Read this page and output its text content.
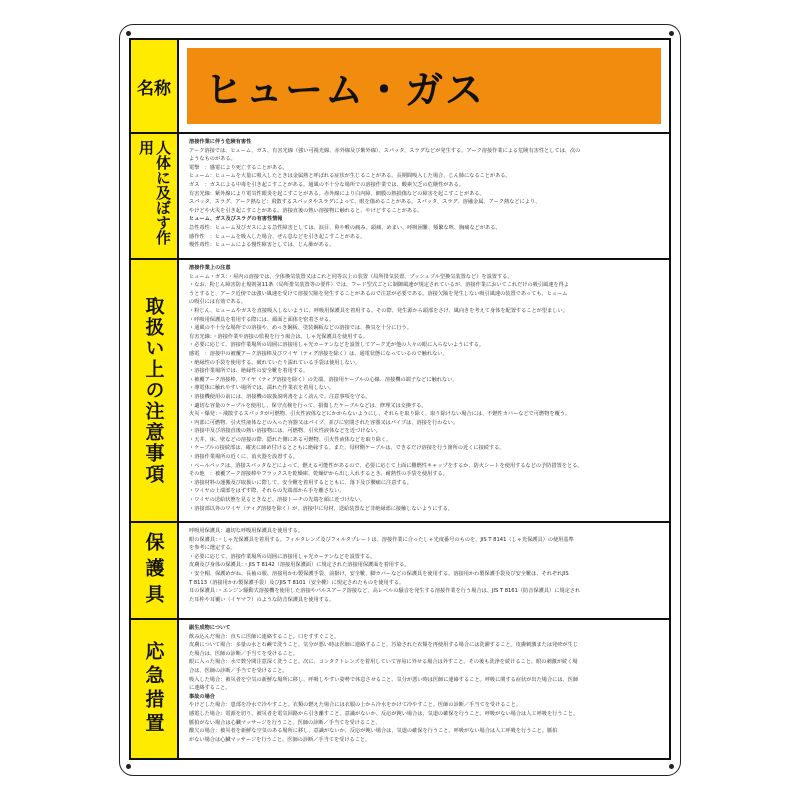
名称 ヒューム・ガス
人体に及ぼす作用	溶接作業に伴う危険有害性
アーク溶接では、ヒューム、ガス、有害光線（強い可視光線、赤外線及び紫外線）、スパッタ、スラグなどが発生する。アーク溶接作業による危険有害性としては、次の
ようなものがある。
電撃　：感電により死亡することがある。
ヒューム：ヒュームを大量に吸入したときは金属熱と呼ばれる症状が生じることがある。長期間吸入した場合、じん肺になることがある。
ガス　：ガスによる中毒を引き起こすことがある。通風の不十分な場所での溶接作業では、酸素欠乏の危険性がある。
有害光線：紫外線により電気性眼炎を起こすことがある。赤外線により白内障、網膜の熱損傷などの障害を起こすことがある。
スパッタ、スラグ、アーク熱など：飛散するスパッタやスラグによって、眼を傷めることがある。スパッタ、スラグ、溶融金属、アーク熱などにより、
やけどや火災を引き起こすことがある。溶接直後の熱い溶接物に触れると、やけどすることがある。
ヒューム、ガス及びスラグの有害性情報
急性毒性：ヒューム及びガスによる急性障害としては、涙目、鼻や喉の痛み、頭痛、めまい、呼吸困難、頻繁な咳、胸痛などがある。
感作性　：ヒュームを吸入した場合、ぜん息などを引き起こすことがある。
慢性毒性：ヒュームによる慢性障害としては、じん肺がある。
取扱い上の注意事項
溶接作業上の注意
ヒューム・ガス：・屋内の溶接では、全体換気装置又はこれと同等以上の装置（局所排気装置、プッシュプル型換気装置など）を設置する。
・なお、粉じん障害防止規則第11条（局所排気装置等の要件）では、フード型式ごとに制御風速が規定されているが、溶接作業においてこれだけの吸引風速を得よ
うとすると、アーク近傍では強い風速を受けて溶接欠陥を発生することがあるので注意が必要である。溶接欠陥を発生しない吸引風速の装置であっても、ヒューム
の吸引には有効である。
・粉じん、ヒュームやガスを直接吸入しないように、呼吸用保護具を着用する。その際、発生源から頭部をさけ、風向きを考えて身体を配置することが望ましい。
・呼吸用保護具を着用する際には、顔面と面体を密着させる。
・通風の不十分な場所での溶接や、めっき鋼板、塗装鋼板などの溶接では、換気を十分に行う。
有害光線：・溶接作業や溶接の監視を行う場合は、しゃ光保護具を使用する。
・必要に応じて、溶接作業場所の周囲に溶接用しゃ光カーテンなどを設置してアーク光が他の人々の眼に入らないようにする。
感電　：溶接中の被覆アーク溶接棒及びワイヤ（ティグ溶接を除く）は、通電状態になっているので触れない。
・絶縁性の手袋を使用する。破れていたり濡れている手袋は使用しない。
・溶接作業場所では、絶縁性の安全靴を着用する。
・被覆アーク溶接棒、ワイヤ（ティグ溶接を除く）の先端、溶接用ケーブルの心線、溶接機の端子などに触れない。
・導電体に触れやすい場所では、濡れた作業衣を着用しない。
・溶接機使用の前には、溶接機の取扱説明書をよく読んで、注意事項を守る。
・適切な容量のケーブルを使用し、保守点検を行って、損傷したケーブルなどは、修理又は交換する。
火災・爆発：・飛散するスパッタが可燃物、引火性液体などにかからないようにし、それらを取り除く、取り除けない場合には、不燃性カバーなどで可燃物を覆う。
・内部に可燃物、引火性液体などの入った容器又はパイプ、並びに密閉された容器又はパイプは、溶接を行わない。
・溶接中及び溶接直後の熱い溶接物には、可燃物、引火性液体などを近づけない。
・天井、床、壁などの溶接の際、隠れた側にある可燃物、引火性液体などを取り除く。
・ケーブルの接続部は、確実に締め付けるとともに絶縁する。また、母材側ケーブルは、できるだけ溶接を行う箇所の近くに接続する。
・溶接作業場所の近くに、消火器を設置する。
・ペールパックは、溶接スパッタなどによって、燃える可能性があるので、必要に応じて上面に難燃性キャップをするか、防火シートを使用するなどの予防措置をとる。
その他　：被覆アーク溶接棒やフラックスを乾燥庫、乾燥炉から出し入れするとき、耐熱性の手袋を使用する。
・溶接材料の運搬及び取扱いに際して、安全靴を着用するとともに、落下及び腰痛に注意する。
・ワイヤの上端部をはずす際、それらの先端部から手を離さない。
・ワイヤの送給状態を見るときなど、溶接トーチの先端を顔に近づけない。
・溶接部以外のワイヤ（ティグ溶接を除く）が、溶接中に母材、送給装置など非絶縁部に接触しないようにする。
保護具
呼吸用保護具：適切な呼吸用保護具を使用する。
眼の保護具：・しゃ光保護具を着用する。フィルタレンズ及びフィルタプレートは、溶接作業に合ったしゃ光度番号のものを、JIS T 8141（しゃ光保護具）の使用基準
を参考に選定する。
・必要に応じて、溶接作業場所の周囲に溶接用しゃ光カーテンなどを設置する。
皮膚及び身体の保護具：・JIS T 8142（溶接用保護面）に規定された溶接用保護面を着用する。
・安全帽、保護めがね、長袖の服、溶接用かわ製保護手袋、前掛け、安全靴、脚カバーなどの保護具を使用する。溶接用かわ製保護手袋及び安全靴は、それぞれJIS
T 8113（溶接用かわ製保護手袋）及びJIS T 8101（安全靴）に規定されたものを使用する。
耳の保護具：・エンジン駆動式溶接機を使用した溶接やパルスアーク溶接など、高レベルの騒音を発生する溶接作業を行う場合は、JIS T 8161（防音保護具）に規定され
た耳栓や耳覆い（イヤマフ）のような防音保護具を使用する。
応急措置
副生成物について
飲み込んだ場合：直ちに医師に連絡すること。口をすすぐこと。
皮膚について場合：多量の水と石鹸で洗うこと。気分が悪い時は医師に連絡すること。汚染された衣類を再使用する場合には洗濯すること。皮膚刺激または発疹が生じ
た場合は、医師の診断／手当てを受けること。
眼に入った場合：水で数分間注意深く洗うこと。次に、コンタクトレンズを着用していて容易に外せる場合は外すこと。その後も洗浄を続けること。眼の刺激が続く場
合は、医師の診断／手当てを受けること。
吸入した場合：被災者を空気の新鮮な場所に移し、呼吸しやすい姿勢で休息させること。気分が悪い時は医師に連絡すること。呼吸に関する症状が出た場合には、医師
に連絡すること。
事故の場合
やけどした場合：患部を冷水で冷やすこと。衣類の燃えた場合には衣服の上から冷水をかけて冷やすこと。医師の診断／手当てを受けること。
感電した場合：電源を切り、被災者を電気回路から引き離すこと。意識がないか、反応が鈍い場合は、気道の確保を行うこと。呼吸がない場合は人工呼吸を行うこと。
脈拍がない場合は心臓マッサージを行うこと。医師の診断／手当てを受けること。
酸欠の場合：被災者を新鮮な空気のある場所に移し、意識がないか、反応が鈍い場合は、気道の確保を行うこと。呼吸がない場合は人工呼吸を行うこと。脈拍
がない場合は心臓マッサージを行うこと。医師の診断／手当てを受けること。
